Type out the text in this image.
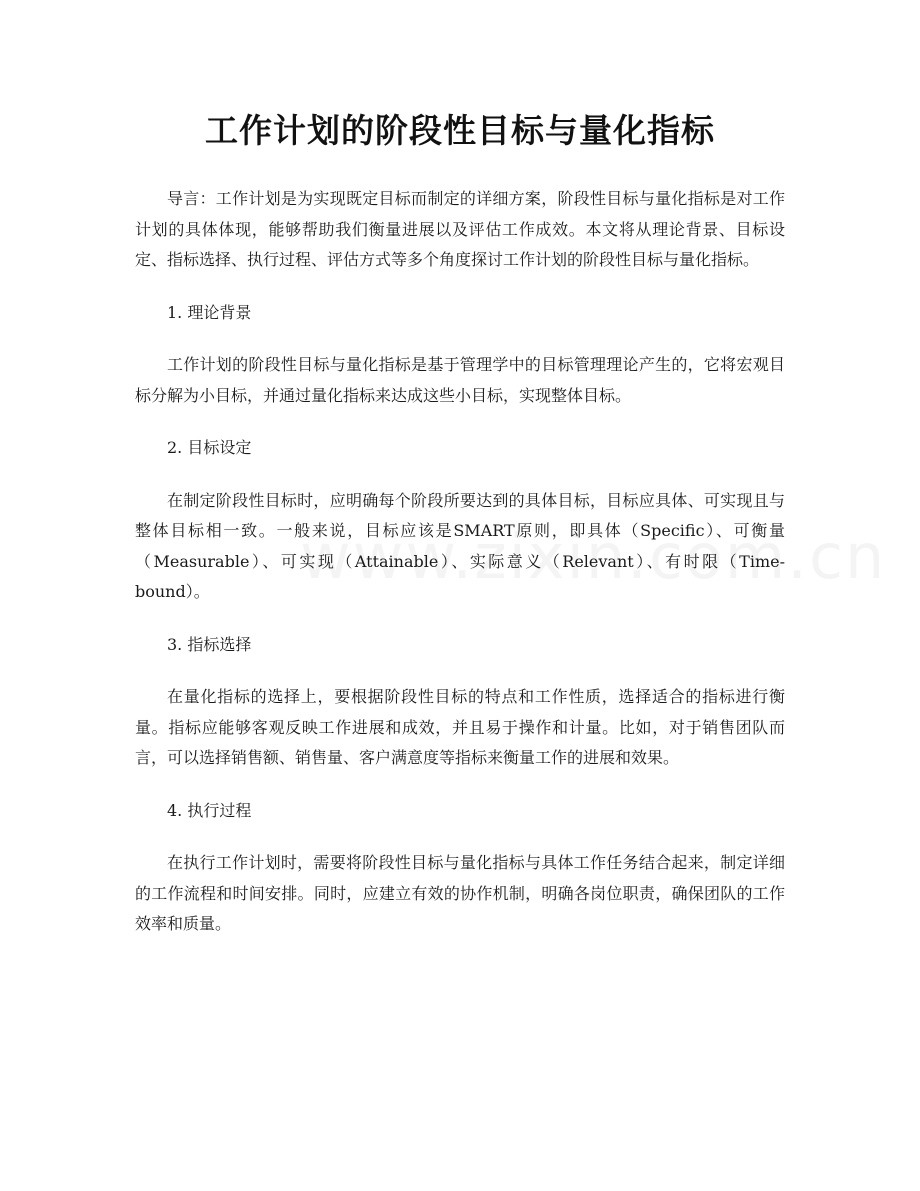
工作计划的阶段性目标与量化指标

导言：工作计划是为实现既定目标而制定的详细方案，阶段性目标与量化指标是对工作计划的具体体现，能够帮助我们衡量进展以及评估工作成效。本文将从理论背景、目标设定、指标选择、执行过程、评估方式等多个角度探讨工作计划的阶段性目标与量化指标。

1. 理论背景

工作计划的阶段性目标与量化指标是基于管理学中的目标管理理论产生的，它将宏观目标分解为小目标，并通过量化指标来达成这些小目标，实现整体目标。

2. 目标设定

在制定阶段性目标时，应明确每个阶段所要达到的具体目标，目标应具体、可实现且与整体目标相一致。一般来说，目标应该是SMART原则，即具体（Specific）、可衡量（Measurable）、可实现（Attainable）、实际意义（Relevant）、有时限（Time-bound）。

3. 指标选择

在量化指标的选择上，要根据阶段性目标的特点和工作性质，选择适合的指标进行衡量。指标应能够客观反映工作进展和成效，并且易于操作和计量。比如，对于销售团队而言，可以选择销售额、销售量、客户满意度等指标来衡量工作的进展和效果。

4. 执行过程

在执行工作计划时，需要将阶段性目标与量化指标与具体工作任务结合起来，制定详细的工作流程和时间安排。同时，应建立有效的协作机制，明确各岗位职责，确保团队的工作效率和质量。
